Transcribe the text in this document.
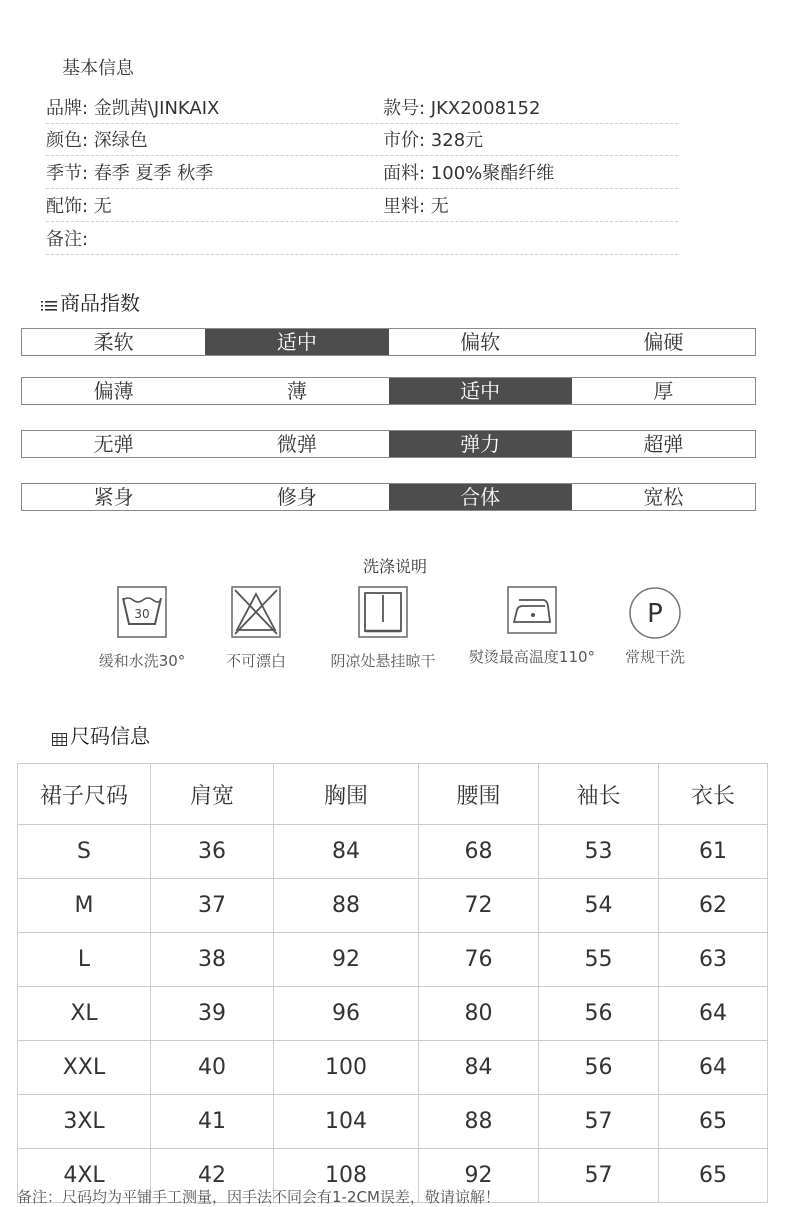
基本信息
品牌: 金凯茜\JINKAIX	款号: JKX2008152
颜色: 深绿色	市价: 328元
季节: 春季 夏季 秋季	面料: 100%聚酯纤维
配饰: 无	里料: 无
备注:
商品指数
柔软	适中	偏软	偏硬
偏薄	薄	适中	厚
无弹	微弹	弹力	超弹
紧身	修身	合体	宽松
洗涤说明
30
缓和水洗30°	不可漂白	阴凉处悬挂晾干	熨烫最高温度110°
P
常规干洗
尺码信息
裙子尺码	肩宽	胸围	腰围	袖长	衣长
S	36	84	68	53	61
M	37	88	72	54	62
L	38	92	76	55	63
XL	39	96	80	56	64
XXL	40	100	84	56	64
3XL	41	104	88	57	65
4XL	42	108	92	57	65
备注：尺码均为平铺手工测量，因手法不同会有1-2CM误差，敬请谅解！
